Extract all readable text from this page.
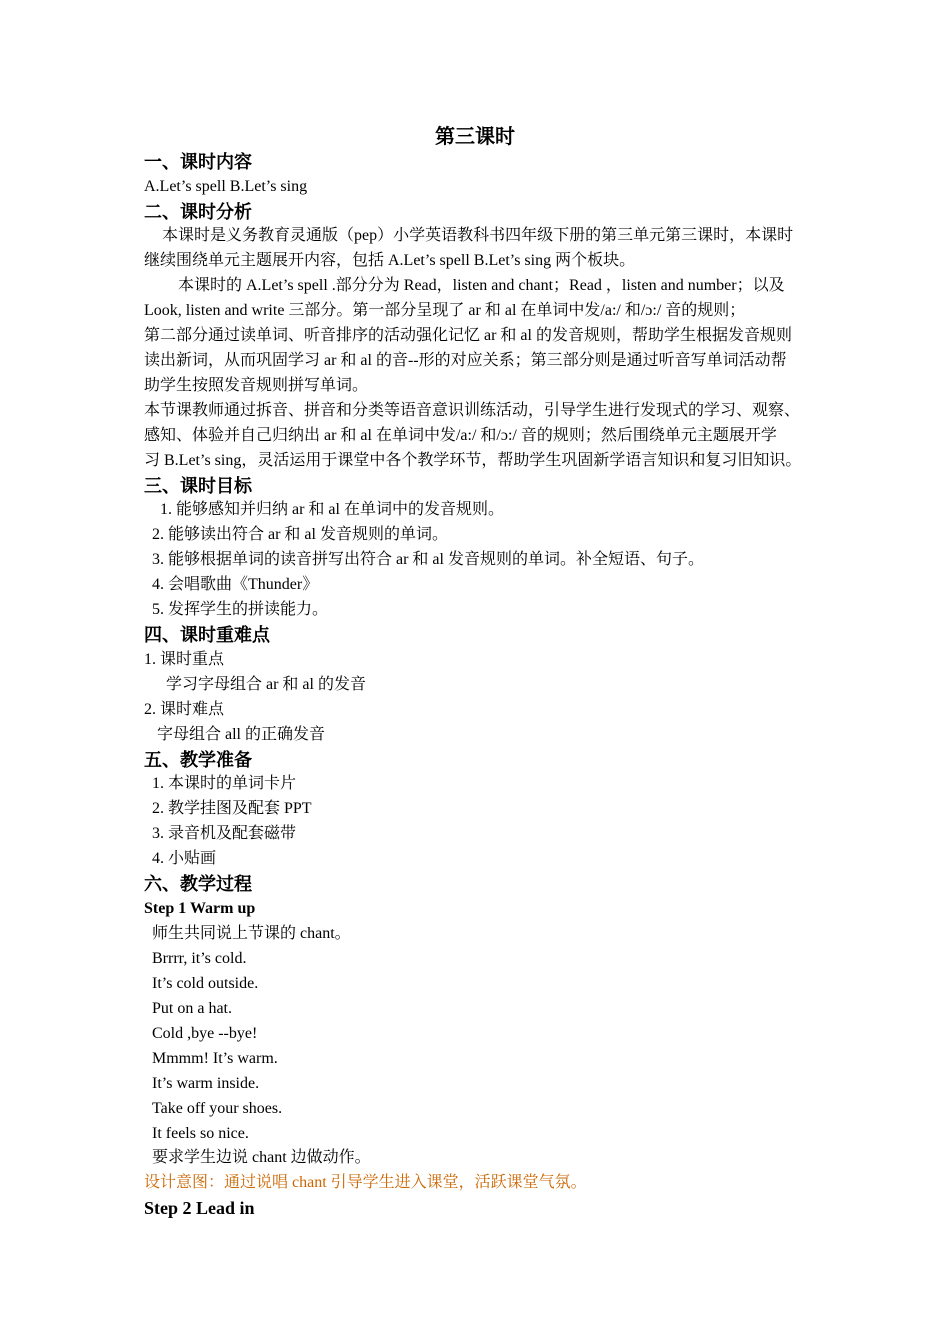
第三课时
一、课时内容
A.Let’s spell B.Let’s sing
二、课时分析
本课时是义务教育灵通版（pep）小学英语教科书四年级下册的第三单元第三课时，本课时
继续围绕单元主题展开内容，包括 A.Let’s spell B.Let’s sing 两个板块。
本课时的 A.Let’s spell .部分分为 Read，listen and chant；Read ，listen and number；以及
Look, listen and write 三部分。第一部分呈现了 ar 和 al 在单词中发/a:/ 和/ɔ:/ 音的规则；
第二部分通过读单词、听音排序的活动强化记忆 ar 和 al 的发音规则，帮助学生根据发音规则
读出新词，从而巩固学习 ar 和 al 的音--形的对应关系；第三部分则是通过听音写单词活动帮
助学生按照发音规则拼写单词。
本节课教师通过拆音、拼音和分类等语音意识训练活动，引导学生进行发现式的学习、观察、
感知、体验并自己归纳出 ar 和 al 在单词中发/a:/ 和/ɔ:/ 音的规则；然后围绕单元主题展开学
习 B.Let’s sing，灵活运用于课堂中各个教学环节，帮助学生巩固新学语言知识和复习旧知识。
三、课时目标
1. 能够感知并归纳 ar 和 al 在单词中的发音规则。
2. 能够读出符合 ar 和 al 发音规则的单词。
3. 能够根据单词的读音拼写出符合 ar 和 al 发音规则的单词。补全短语、句子。
4. 会唱歌曲《Thunder》
5. 发挥学生的拼读能力。
四、课时重难点
1. 课时重点
学习字母组合 ar 和 al 的发音
2. 课时难点
字母组合 all 的正确发音
五、教学准备
1. 本课时的单词卡片
2. 教学挂图及配套 PPT
3. 录音机及配套磁带
4. 小贴画
六、教学过程
Step 1 Warm up
师生共同说上节课的 chant。
Brrrr, it’s cold.
It’s cold outside.
Put on a hat.
Cold ,bye --bye!
Mmmm! It’s warm.
It’s warm inside.
Take off your shoes.
It feels so nice.
要求学生边说 chant 边做动作。
设计意图：通过说唱 chant 引导学生进入课堂，活跃课堂气氛。
Step 2 Lead in
